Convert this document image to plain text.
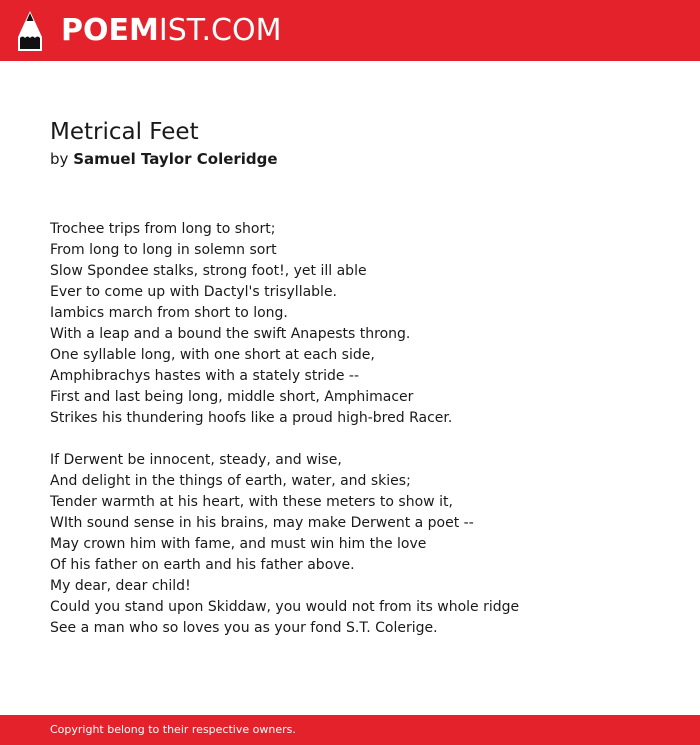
POEMIST.COM
Metrical Feet
by Samuel Taylor Coleridge
Trochee trips from long to short;
From long to long in solemn sort
Slow Spondee stalks, strong foot!, yet ill able
Ever to come up with Dactyl's trisyllable.
Iambics march from short to long.
With a leap and a bound the swift Anapests throng.
One syllable long, with one short at each side,
Amphibrachys hastes with a stately stride --
First and last being long, middle short, Amphimacer
Strikes his thundering hoofs like a proud high-bred Racer.
If Derwent be innocent, steady, and wise,
And delight in the things of earth, water, and skies;
Tender warmth at his heart, with these meters to show it,
WIth sound sense in his brains, may make Derwent a poet --
May crown him with fame, and must win him the love
Of his father on earth and his father above.
My dear, dear child!
Could you stand upon Skiddaw, you would not from its whole ridge
See a man who so loves you as your fond S.T. Colerige.
Copyright belong to their respective owners.
